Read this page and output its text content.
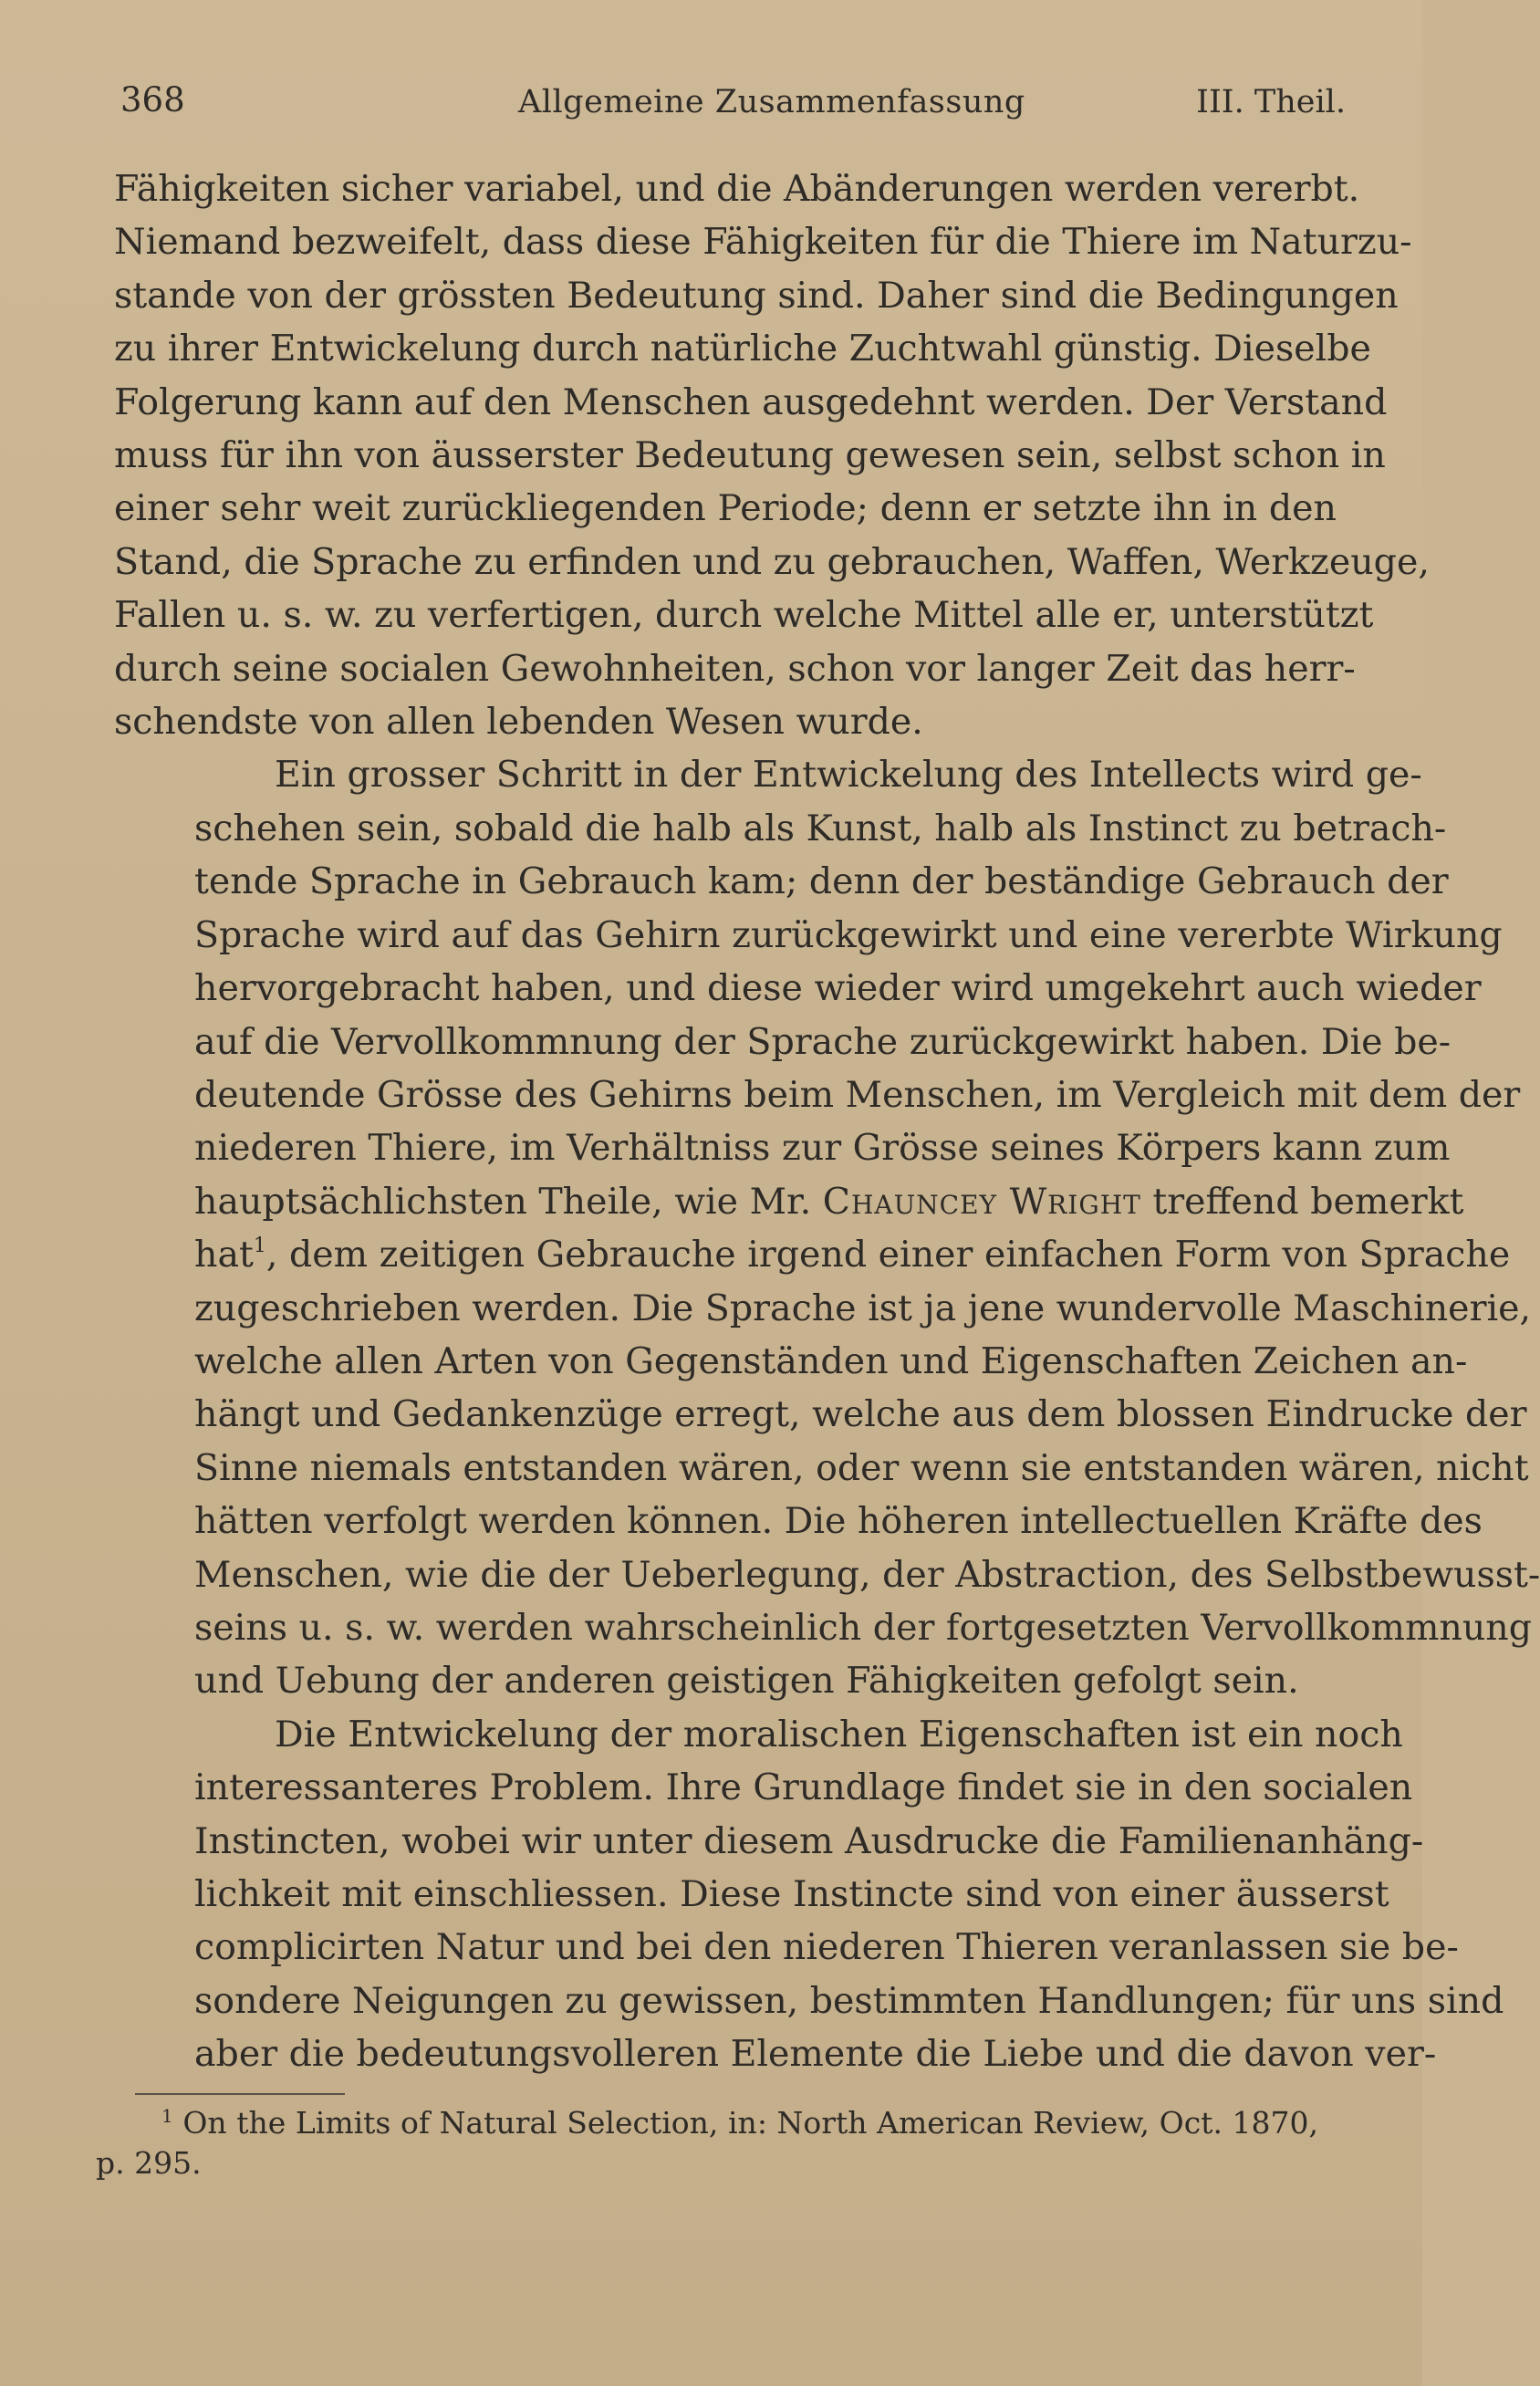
368	Allgemeine Zusammenfassung	III. Theil.
Fähigkeiten sicher variabel, und die Abänderungen werden vererbt.
Niemand bezweifelt, dass diese Fähigkeiten für die Thiere im Naturzu-
stande von der grössten Bedeutung sind. Daher sind die Bedingungen
zu ihrer Entwickelung durch natürliche Zuchtwahl günstig. Dieselbe
Folgerung kann auf den Menschen ausgedehnt werden. Der Verstand
muss für ihn von äusserster Bedeutung gewesen sein, selbst schon in
einer sehr weit zurückliegenden Periode; denn er setzte ihn in den
Stand, die Sprache zu erfinden und zu gebrauchen, Waffen, Werkzeuge,
Fallen u. s. w. zu verfertigen, durch welche Mittel alle er, unterstützt
durch seine socialen Gewohnheiten, schon vor langer Zeit das herr-
schendste von allen lebenden Wesen wurde.
Ein grosser Schritt in der Entwickelung des Intellects wird ge-
schehen sein, sobald die halb als Kunst, halb als Instinct zu betrach-
tende Sprache in Gebrauch kam; denn der beständige Gebrauch der
Sprache wird auf das Gehirn zurückgewirkt und eine vererbte Wirkung
hervorgebracht haben, und diese wieder wird umgekehrt auch wieder
auf die Vervollkommnung der Sprache zurückgewirkt haben. Die be-
deutende Grösse des Gehirns beim Menschen, im Vergleich mit dem der
niederen Thiere, im Verhältniss zur Grösse seines Körpers kann zum
hauptsächlichsten Theile, wie Mr. Chauncey Wright treffend bemerkt
hat$^1$, dem zeitigen Gebrauche irgend einer einfachen Form von Sprache
zugeschrieben werden. Die Sprache ist ja jene wundervolle Maschinerie,
welche allen Arten von Gegenständen und Eigenschaften Zeichen an-
hängt und Gedankenzüge erregt, welche aus dem blossen Eindrucke der
Sinne niemals entstanden wären, oder wenn sie entstanden wären, nicht
hätten verfolgt werden können. Die höheren intellectuellen Kräfte des
Menschen, wie die der Ueberlegung, der Abstraction, des Selbstbewusst-
seins u. s. w. werden wahrscheinlich der fortgesetzten Vervollkommnung
und Uebung der anderen geistigen Fähigkeiten gefolgt sein.
Die Entwickelung der moralischen Eigenschaften ist ein noch
interessanteres Problem. Ihre Grundlage findet sie in den socialen
Instincten, wobei wir unter diesem Ausdrucke die Familienanhäng-
lichkeit mit einschliessen. Diese Instincte sind von einer äusserst
complicirten Natur und bei den niederen Thieren veranlassen sie be-
sondere Neigungen zu gewissen, bestimmten Handlungen; für uns sind
aber die bedeutungsvolleren Elemente die Liebe und die davon ver-
$^1$ On the Limits of Natural Selection, in: North American Review, Oct. 1870,
p. 295.
